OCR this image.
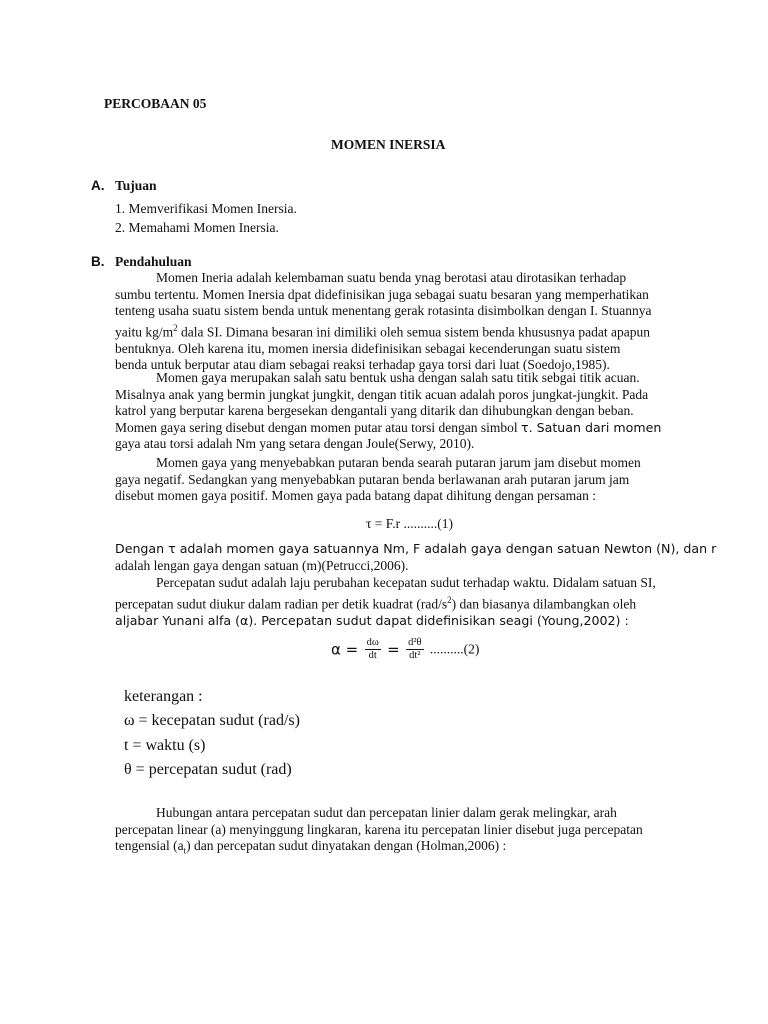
PERCOBAAN 05
MOMEN INERSIA
A. Tujuan
1. Memverifikasi Momen Inersia.
2. Memahami Momen Inersia.
B. Pendahuluan
Momen Ineria adalah kelembaman suatu benda ynag berotasi atau dirotasikan terhadap
sumbu tertentu. Momen Inersia dpat didefinisikan juga sebagai suatu besaran yang memperhatikan
tenteng usaha suatu sistem benda untuk menentang gerak rotasinta disimbolkan dengan I. Stuannya
yaitu $kg/m^2$ dala SI. Dimana besaran ini dimiliki oleh semua sistem benda khususnya padat apapun
bentuknya. Oleh karena itu, momen inersia didefinisikan sebagai kecenderungan suatu sistem
benda untuk berputar atau diam sebagai reaksi terhadap gaya torsi dari luat (Soedojo,1985).
Momen gaya merupakan salah satu bentuk usha dengan salah satu titik sebgai titik acuan.
Misalnya anak yang bermin jungkat jungkit, dengan titik acuan adalah poros jungkat-jungkit. Pada
katrol yang berputar karena bergesekan dengantali yang ditarik dan dihubungkan dengan beban.
Momen gaya sering disebut dengan momen putar atau torsi dengan simbol τ. Satuan dari momen
gaya atau torsi adalah Nm yang setara dengan Joule(Serwy, 2010).
Momen gaya yang menyebabkan putaran benda searah putaran jarum jam disebut momen
gaya negatif. Sedangkan yang menyebabkan putaran benda berlawanan arah putaran jarum jam
disebut momen gaya positif. Momen gaya pada batang dapat dihitung dengan persaman :
τ = F.r ..........(1)
Dengan τ adalah momen gaya satuannya Nm, F adalah gaya dengan satuan Newton (N), dan r
adalah lengan gaya dengan satuan (m)(Petrucci,2006).
Percepatan sudut adalah laju perubahan kecepatan sudut terhadap waktu. Didalam satuan SI,
percepatan sudut diukur dalam radian per detik kuadrat $(rad/s^2)$ dan biasanya dilambangkan oleh
aljabar Yunani alfa (α). Percepatan sudut dapat didefinisikan seagi (Young,2002) :
$\alpha = \frac{d\omega}{dt} = \frac{\text{d²θ}}{\text{dt²}} ..........(2)$
keterangan :
ω = kecepatan sudut (rad/s)
t = waktu (s)
θ = percepatan sudut (rad)
Hubungan antara percepatan sudut dan percepatan linier dalam gerak melingkar, arah
percepatan linear (a) menyinggung lingkaran, karena itu percepatan linier disebut juga percepatan
tengensial $(a_t)$ dan percepatan sudut dinyatakan dengan (Holman,2006) :
